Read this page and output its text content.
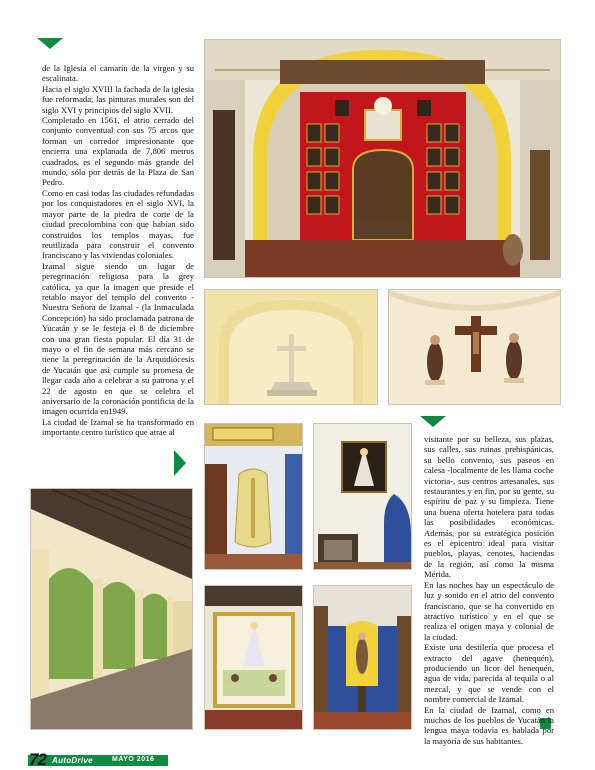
de la Iglesia el camarín de la virgen y su escalinata.

Hacia el siglo XVIII la fachada de la iglesia fue reformada; las pinturas murales son del siglo XVI y principios del siglo XVII.

Completado en 1561, el atrio cerrado del conjunto conventual con sus 75 arcos que forman un corredor impresionante que encierra una explanada de 7,806 metros cuadrados, es el segundo más grande del mundo, sólo por detrás de la Plaza de San Pedro.

Como en casi todas las ciudades refundadas por los conquistadores en el siglo XVI, la mayor parte de la piedra de corte de la ciudad precolombina con que habían sido construidos los templos mayas, fue reutilizada para construir el convento franciscano y las viviendas coloniales.

Izamal sigue siendo un lugar de peregrinación religiosa para la grey católica, ya que la imagen que preside el retablo mayor del templo del convento - Nuestra Señora de Izamal - (la Inmaculada Concepción) ha sido proclamada patrona de Yucatán y se le festeja el 8 de diciembre con una gran fiesta popular. El día 31 de mayo o el fin de semana más cercano se tiene la peregrinación de la Arquidiócesis de Yucatán que así cumple su promesa de llegar cada año a celebrar a su patrona y el 22 de agosto en que se celebra el aniversario de la coronación pontificia de la imagen ocurrida en1949.

La ciudad de Izamal se ha transformado en importante centro turístico que atrae al

visitante por su belleza, sus plazas, sus calles, sus ruinas prehispánicas, su bello convento, sus paseos en calesa -localmente de les llama coche victoria-, sus centros artesanales, sus restaurantes y en fin, por su gente, su espíritu de paz y su limpieza. Tiene una buena oferta hotelera para todas las posibilidades económicas. Además, por su estratégica posición es el epicentro ideal para visitar pueblos, playas, cenotes, haciendas de la región, así como la misma Mérida.

En las noches hay un espectáculo de luz y sonido en el atrio del convento franciscano, que se ha convertido en atractivo turístico y en el que se realiza el origen maya y colonial de la ciudad.

Existe una destilería que procesa el extracto del agave (henequén), produciendo un licor del henequén, agua de vida, parecida al tequila o al mezcal, y que se vende con el nombre comercial de Izamal.

En la ciudad de Izamal, como en muchos de los pueblos de Yucatán la lengua maya todavía es hablada por la mayoría de sus habitantes.

72 AutoDrive	MAYO 2016
